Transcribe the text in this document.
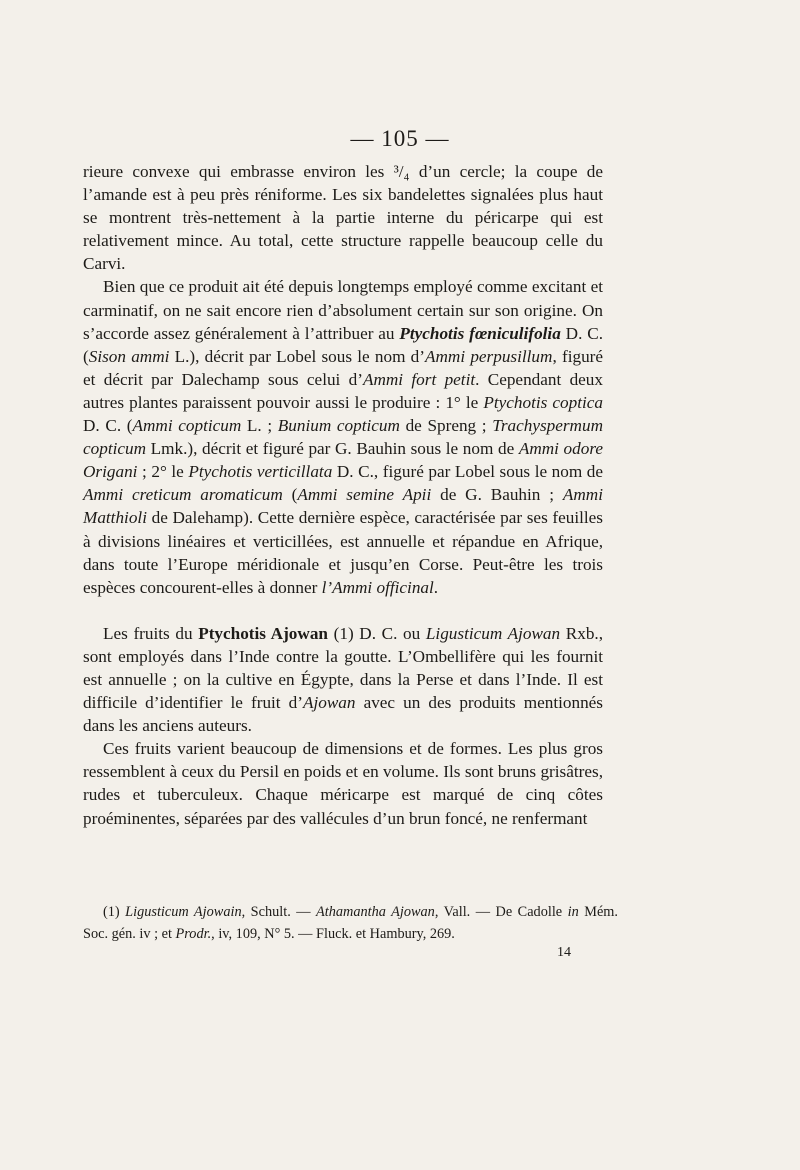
— 105 —

rieure convexe qui embrasse environ les ³/₄ d’un cercle; la coupe de l’amande est à peu près réniforme. Les six bandelettes signalées plus haut se montrent très-nettement à la partie interne du péricarpe qui est relativement mince. Au total, cette structure rappelle beaucoup celle du Carvi.

Bien que ce produit ait été depuis longtemps employé comme excitant et carminatif, on ne sait encore rien d’absolument certain sur son origine. On s’accorde assez généralement à l’attribuer au Ptychotis fœniculifolia D. C. (Sison ammi L.), décrit par Lobel sous le nom d’Ammi perpusillum, figuré et décrit par Dalechamp sous celui d’Ammi fort petit. Cependant deux autres plantes paraissent pouvoir aussi le produire : 1° le Ptychotis coptica D. C. (Ammi copticum L. ; Bunium copticum de Spreng ; Trachyspermum copticum Lmk.), décrit et figuré par G. Bauhin sous le nom de Ammi odore Origani ; 2° le Ptychotis verticillata D. C., figuré par Lobel sous le nom de Ammi creticum aromaticum (Ammi semine Apii de G. Bauhin ; Ammi Matthioli de Dalehamp). Cette dernière espèce, caractérisée par ses feuilles à divisions linéaires et verticillées, est annuelle et répandue en Afrique, dans toute l’Europe méridionale et jusqu’en Corse. Peut-être les trois espèces concourent-elles à donner l’Ammi officinal.

Les fruits du Ptychotis Ajowan (1) D. C. ou Ligusticum Ajowan Rxb., sont employés dans l’Inde contre la goutte. L’Ombellifère qui les fournit est annuelle ; on la cultive en Égypte, dans la Perse et dans l’Inde. Il est difficile d’identifier le fruit d’Ajowan avec un des produits mentionnés dans les anciens auteurs.

Ces fruits varient beaucoup de dimensions et de formes. Les plus gros ressemblent à ceux du Persil en poids et en volume. Ils sont bruns grisâtres, rudes et tuberculeux. Chaque méricarpe est marqué de cinq côtes proéminentes, séparées par des vallécules d’un brun foncé, ne renfermant

(1) Ligusticum Ajowain, Schult. — Athamantha Ajowan, Vall. — De Cadolle in Mém. Soc. gén. iv ; et Prodr., iv, 109, N° 5. — Fluck. et Hambury, 269.

14
